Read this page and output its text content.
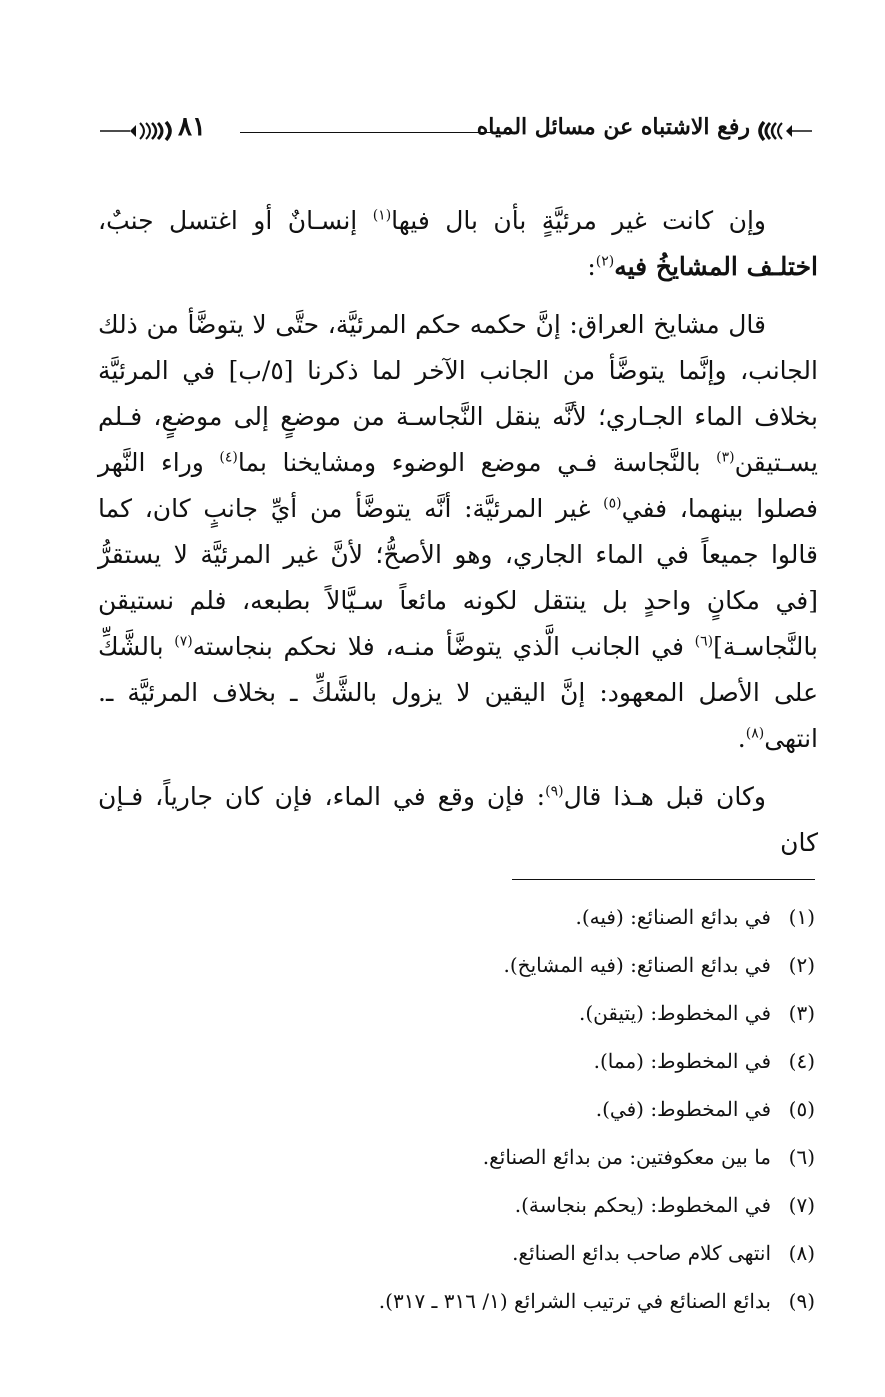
٨١	رفع الاشتباه عن مسائل المياه

وإن كانت غير مرئيَّةٍ بأن بال فيها$^{(١)}$ إنسـانٌ أو اغتسل جنبٌ، اختلـف المشايخُ فيه$^{(٢)}$:

قال مشايخ العراق: إنَّ حكمه حكم المرئيَّة، حتَّى لا يتوضَّأ من ذلك الجانب، وإنَّما يتوضَّأ من الجانب الآخر لما ذكرنا [٥/ب] في المرئيَّة بخلاف الماء الجـاري؛ لأنَّه ينقل النَّجاسـة من موضعٍ إلى موضعٍ، فـلم يسـتيقن$^{(٣)}$ بالنَّجاسة فـي موضع الوضوء ومشايخنا بما$^{(٤)}$ وراء النَّهر فصلوا بينهما، ففي$^{(٥)}$ غير المرئيَّة: أنَّه يتوضَّأ من أيِّ جانبٍ كان، كما قالوا جميعاً في الماء الجاري، وهو الأصحُّ؛ لأنَّ غير المرئيَّة لا يستقرُّ [في مكانٍ واحدٍ بل ينتقل لكونه مائعاً سـيَّالاً بطبعه، فلم نستيقن بالنَّجاسـة]$^{(٦)}$ في الجانب الَّذي يتوضَّأ منـه، فلا نحكم بنجاسته$^{(٧)}$ بالشَّكِّ على الأصل المعهود: إنَّ اليقين لا يزول بالشَّكِّ ـ بخلاف المرئيَّة ـ. انتهى$^{(٨)}$.

وكان قبل هـذا قال$^{(٩)}$: فإن وقع في الماء، فإن كان جارياً، فـإن كان

(١)في بدائع الصنائع: (فيه).
(٢)في بدائع الصنائع: (فيه المشايخ).
(٣)في المخطوط: (يتيقن).
(٤)في المخطوط: (مما).
(٥)في المخطوط: (في).
(٦)ما بين معكوفتين: من بدائع الصنائع.
(٧)في المخطوط: (يحكم بنجاسة).
(٨)انتهى كلام صاحب بدائع الصنائع.
(٩)بدائع الصنائع في ترتيب الشرائع (١/ ٣١٦ ـ ٣١٧).
